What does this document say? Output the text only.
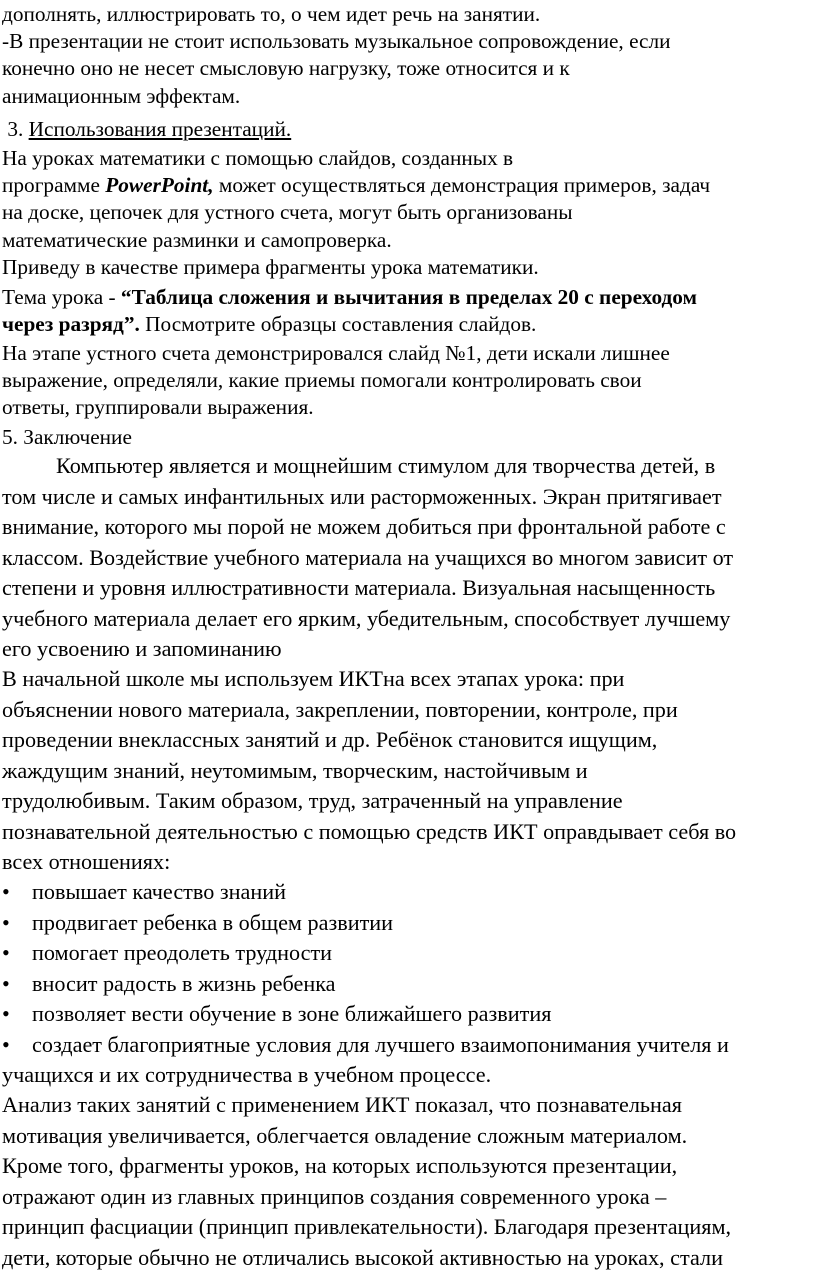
дополнять, иллюстрировать то, о чем идет речь на занятии.
-В презентации не стоит использовать музыкальное сопровождение, если
конечно оно не несет смысловую нагрузку, тоже относится и к
анимационным эффектам.
3. Использования презентаций.
На уроках математики с помощью слайдов, созданных в
программе PowerPoint, может осуществляться демонстрация примеров, задач
на доске, цепочек для устного счета, могут быть организованы
математические разминки и самопроверка.
Приведу в качестве примера фрагменты урока математики.
Тема урока - “Таблица сложения и вычитания в пределах 20 с переходом
через разряд”. Посмотрите образцы составления слайдов.
На этапе устного счета демонстрировался слайд №1, дети искали лишнее
выражение, определяли, какие приемы помогали контролировать свои
ответы, группировали выражения.
5. Заключение
Компьютер является и мощнейшим стимулом для творчества детей, в
том числе и самых инфантильных или расторможенных. Экран притягивает
внимание, которого мы порой не можем добиться при фронтальной работе с
классом. Воздействие учебного материала на учащихся во многом зависит от
степени и уровня иллюстративности материала. Визуальная насыщенность
учебного материала делает его ярким, убедительным, способствует лучшему
его усвоению и запоминанию
В начальной школе мы используем ИКТна всех этапах урока: при
объяснении нового материала, закреплении, повторении, контроле, при
проведении внеклассных занятий и др. Ребёнок становится ищущим,
жаждущим знаний, неутомимым, творческим, настойчивым и
трудолюбивым. Таким образом, труд, затраченный на управление
познавательной деятельностью с помощью средств ИКТ оправдывает себя во
всех отношениях:
• повышает качество знаний
• продвигает ребенка в общем развитии
• помогает преодолеть трудности
• вносит радость в жизнь ребенка
• позволяет вести обучение в зоне ближайшего развития
• создает благоприятные условия для лучшего взаимопонимания учителя и
учащихся и их сотрудничества в учебном процессе.
Анализ таких занятий с применением ИКТ показал, что познавательная
мотивация увеличивается, облегчается овладение сложным материалом.
Кроме того, фрагменты уроков, на которых используются презентации,
отражают один из главных принципов создания современного урока –
принцип фасциации (принцип привлекательности). Благодаря презентациям,
дети, которые обычно не отличались высокой активностью на уроках, стали
